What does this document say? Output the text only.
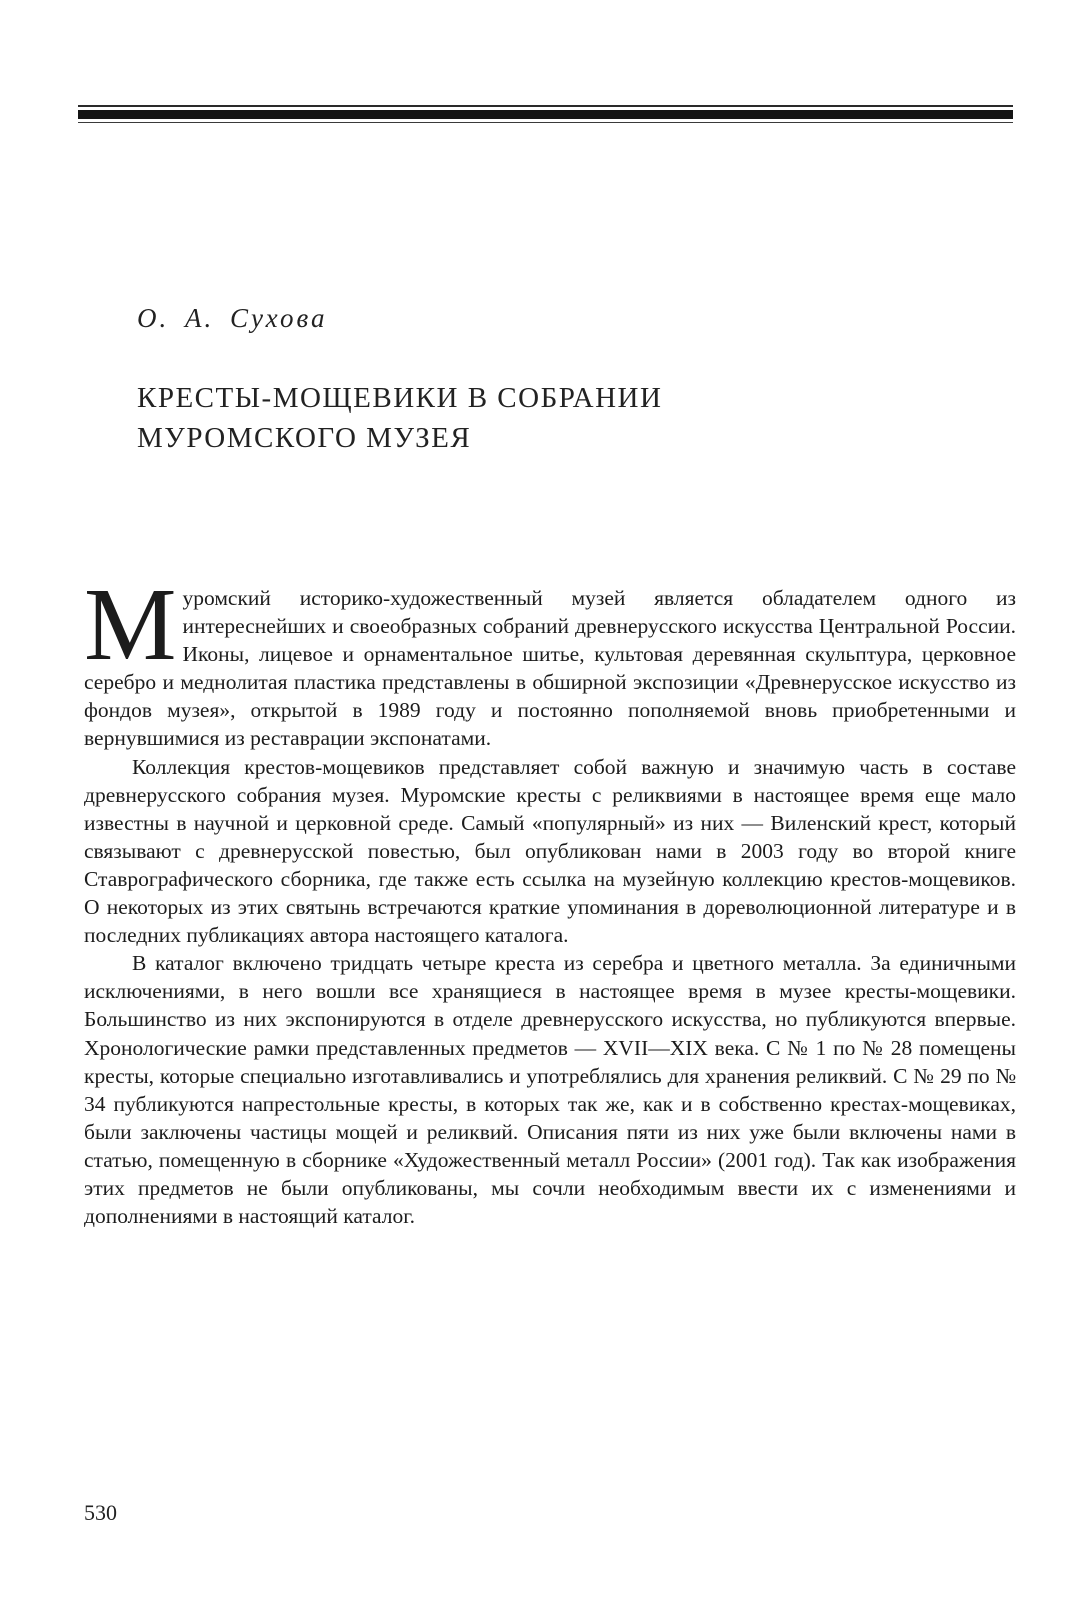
О. А. Сухова
КРЕСТЫ-МОЩЕВИКИ В СОБРАНИИ
МУРОМСКОГО МУЗЕЯ

Муромский историко-художественный музей является обладателем одного из интереснейших и своеобразных собраний древнерусского искусства Центральной России. Иконы, лицевое и орнаментальное шитье, культовая деревянная скульптура, церковное серебро и меднолитая пластика представлены в обширной экспозиции «Древнерусское искусство из фондов музея», открытой в 1989 году и постоянно пополняемой вновь приобретенными и вернувшимися из реставрации экспонатами.

Коллекция крестов-мощевиков представляет собой важную и значимую часть в составе древнерусского собрания музея. Муромские кресты с реликвиями в настоящее время еще мало известны в научной и церковной среде. Самый «популярный» из них — Виленский крест, который связывают с древнерусской повестью, был опубликован нами в 2003 году во второй книге Ставрографического сборника, где также есть ссылка на музейную коллекцию крестов-мощевиков. О некоторых из этих святынь встречаются краткие упоминания в дореволюционной литературе и в последних публикациях автора настоящего каталога.

В каталог включено тридцать четыре креста из серебра и цветного металла. За единичными исключениями, в него вошли все хранящиеся в настоящее время в музее кресты-мощевики. Большинство из них экспонируются в отделе древнерусского искусства, но публикуются впервые. Хронологические рамки представленных предметов — XVII—XIX века. С № 1 по № 28 помещены кресты, которые специально изготавливались и употреблялись для хранения реликвий. С № 29 по № 34 публикуются напрестольные кресты, в которых так же, как и в собственно крестах-мощевиках, были заключены частицы мощей и реликвий. Описания пяти из них уже были включены нами в статью, помещенную в сборнике «Художественный металл России» (2001 год). Так как изображения этих предметов не были опубликованы, мы сочли необходимым ввести их с изменениями и дополнениями в настоящий каталог.

530
